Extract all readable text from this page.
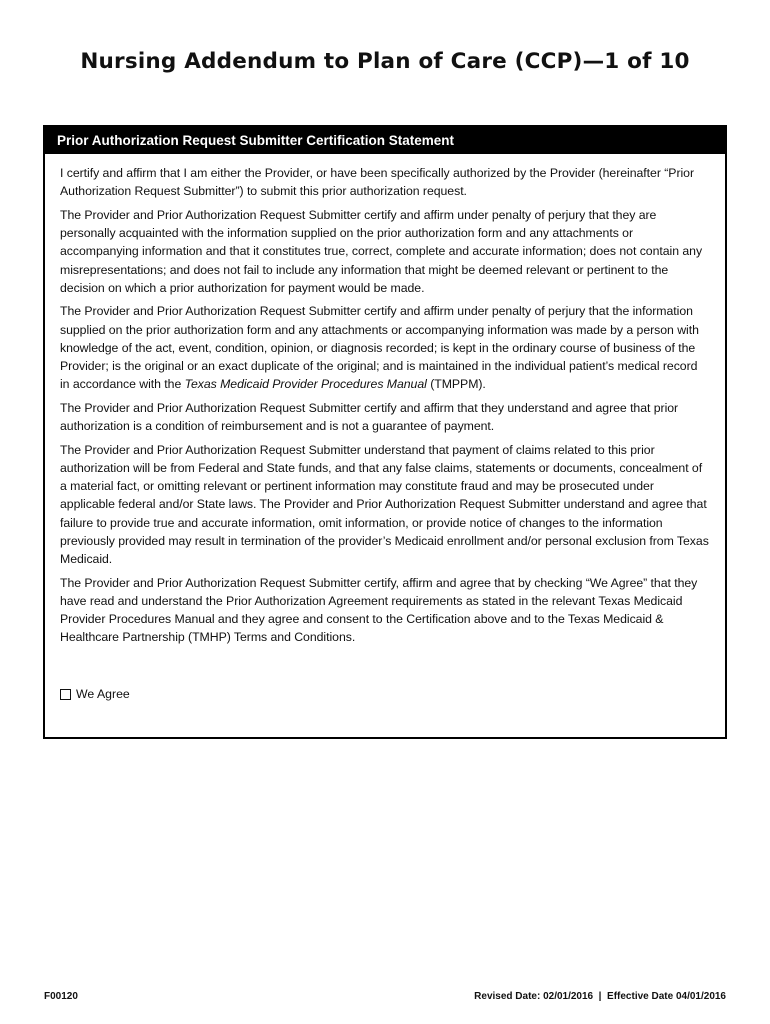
Nursing Addendum to Plan of Care (CCP)—1 of 10
Prior Authorization Request Submitter Certification Statement

I certify and affirm that I am either the Provider, or have been specifically authorized by the Provider (hereinafter “Prior Authorization Request Submitter”) to submit this prior authorization request.

The Provider and Prior Authorization Request Submitter certify and affirm under penalty of perjury that they are personally acquainted with the information supplied on the prior authorization form and any attachments or accompanying information and that it constitutes true, correct, complete and accurate information; does not contain any misrepresentations; and does not fail to include any information that might be deemed relevant or pertinent to the decision on which a prior authorization for payment would be made.

The Provider and Prior Authorization Request Submitter certify and affirm under penalty of perjury that the information supplied on the prior authorization form and any attachments or accompanying information was made by a person with knowledge of the act, event, condition, opinion, or diagnosis recorded; is kept in the ordinary course of business of the Provider; is the original or an exact duplicate of the original; and is maintained in the individual patient’s medical record in accordance with the Texas Medicaid Provider Procedures Manual (TMPPM).

The Provider and Prior Authorization Request Submitter certify and affirm that they understand and agree that prior authorization is a condition of reimbursement and is not a guarantee of payment.

The Provider and Prior Authorization Request Submitter understand that payment of claims related to this prior authorization will be from Federal and State funds, and that any false claims, statements or documents, concealment of a material fact, or omitting relevant or pertinent information may constitute fraud and may be prosecuted under applicable federal and/or State laws. The Provider and Prior Authorization Request Submitter understand and agree that failure to provide true and accurate information, omit information, or provide notice of changes to the information previously provided may result in termination of the provider’s Medicaid enrollment and/or personal exclusion from Texas Medicaid.

The Provider and Prior Authorization Request Submitter certify, affirm and agree that by checking “We Agree” that they have read and understand the Prior Authorization Agreement requirements as stated in the relevant Texas Medicaid Provider Procedures Manual and they agree and consent to the Certification above and to the Texas Medicaid & Healthcare Partnership (TMHP) Terms and Conditions.

We Agree
F00120	Revised Date: 02/01/2016  |  Effective Date 04/01/2016
